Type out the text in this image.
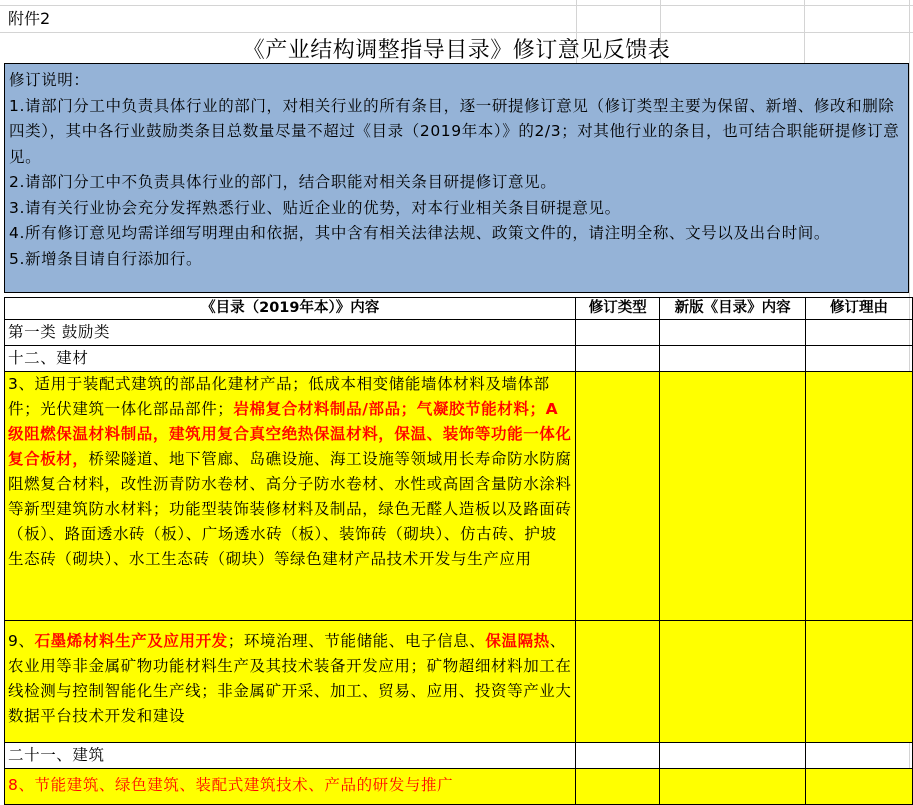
附件2
《产业结构调整指导目录》修订意见反馈表

修订说明：

1.请部门分工中负责具体行业的部门，对相关行业的所有条目，逐一研提修订意见（修订类型主要为保留、新增、修改和删除四类），其中各行业鼓励类条目总数量尽量不超过《目录（2019年本）》的2/3；对其他行业的条目，也可结合职能研提修订意见。

2.请部门分工中不负责具体行业的部门，结合职能对相关条目研提修订意见。

3.请有关行业协会充分发挥熟悉行业、贴近企业的优势，对本行业相关条目研提意见。

4.所有修订意见均需详细写明理由和依据，其中含有相关法律法规、政策文件的，请注明全称、文号以及出台时间。

5.新增条目请自行添加行。

《目录（2019年本）》内容	修订类型	新版《目录》内容	修订理由
第一类 鼓励类			
十二、建材			
3、适用于装配式建筑的部品化建材产品；低成本相变储能墙体材料及墙体部件；光伏建筑一体化部品部件；岩棉复合材料制品/部品；气凝胶节能材料；A级阻燃保温材料制品，建筑用复合真空绝热保温材料，保温、装饰等功能一体化复合板材，桥梁隧道、地下管廊、岛礁设施、海工设施等领域用长寿命防水防腐阻燃复合材料，改性沥青防水卷材、高分子防水卷材、水性或高固含量防水涂料等新型建筑防水材料；功能型装饰装修材料及制品，绿色无醛人造板以及路面砖（板）、路面透水砖（板）、广场透水砖（板）、装饰砖（砌块）、仿古砖、护坡生态砖（砌块）、水工生态砖（砌块）等绿色建材产品技术开发与生产应用			
9、石墨烯材料生产及应用开发；环境治理、节能储能、电子信息、保温隔热、农业用等非金属矿物功能材料生产及其技术装备开发应用；矿物超细材料加工在线检测与控制智能化生产线；非金属矿开采、加工、贸易、应用、投资等产业大数据平台技术开发和建设			
二十一、建筑			
8、节能建筑、绿色建筑、装配式建筑技术、产品的研发与推广			
